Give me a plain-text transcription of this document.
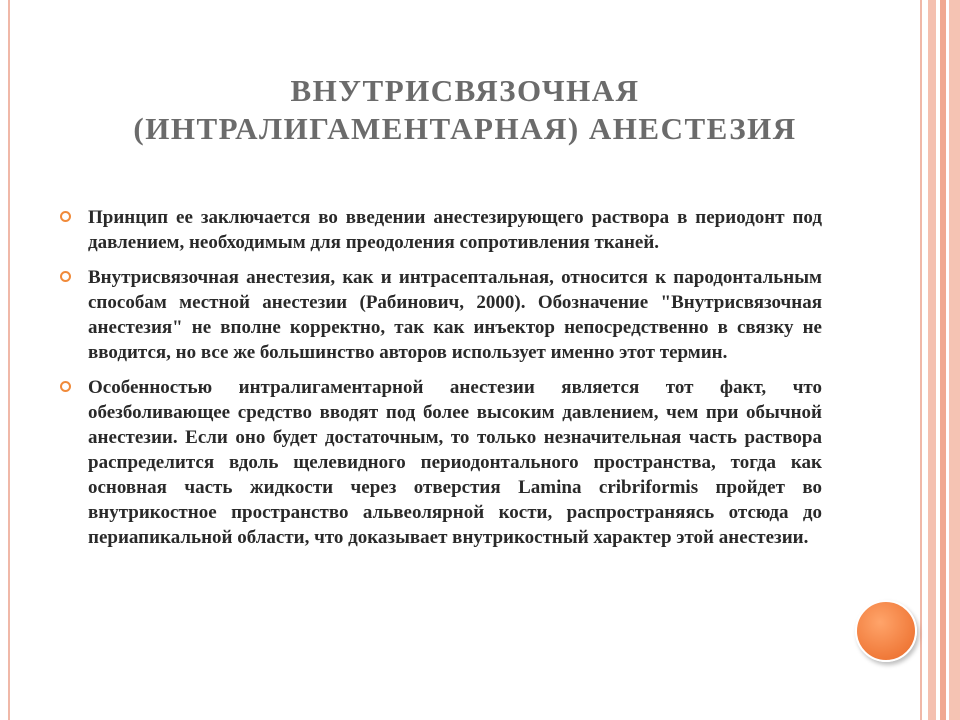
ВНУТРИСВЯЗОЧНАЯ
(ИНТРАЛИГАМЕНТАРНАЯ) АНЕСТЕЗИЯ
Принцип ее заключается во введении анестезирующего раствора в периодонт под давлением, необходимым для преодоления сопротивления тканей.
Внутрисвязочная анестезия, как и интрасептальная, относится к пародонтальным способам местной анестезии (Рабинович, 2000). Обозначение "Внутрисвязочная анестезия" не вполне корректно, так как инъектор непосредственно в связку не вводится, но все же большинство авторов использует именно этот термин.
Особенностью интралигаментарной анестезии является тот факт, что обезболивающее средство вводят под более высоким давлением, чем при обычной анестезии. Если оно будет достаточным, то только незначительная часть раствора распределится вдоль щелевидного периодонтального пространства, тогда как основная часть жидкости через отверстия Lamina cribriformis пройдет во внутрикостное пространство альвеолярной кости, распространяясь отсюда до периапикальной области, что доказывает внутрикостный характер этой анестезии.
